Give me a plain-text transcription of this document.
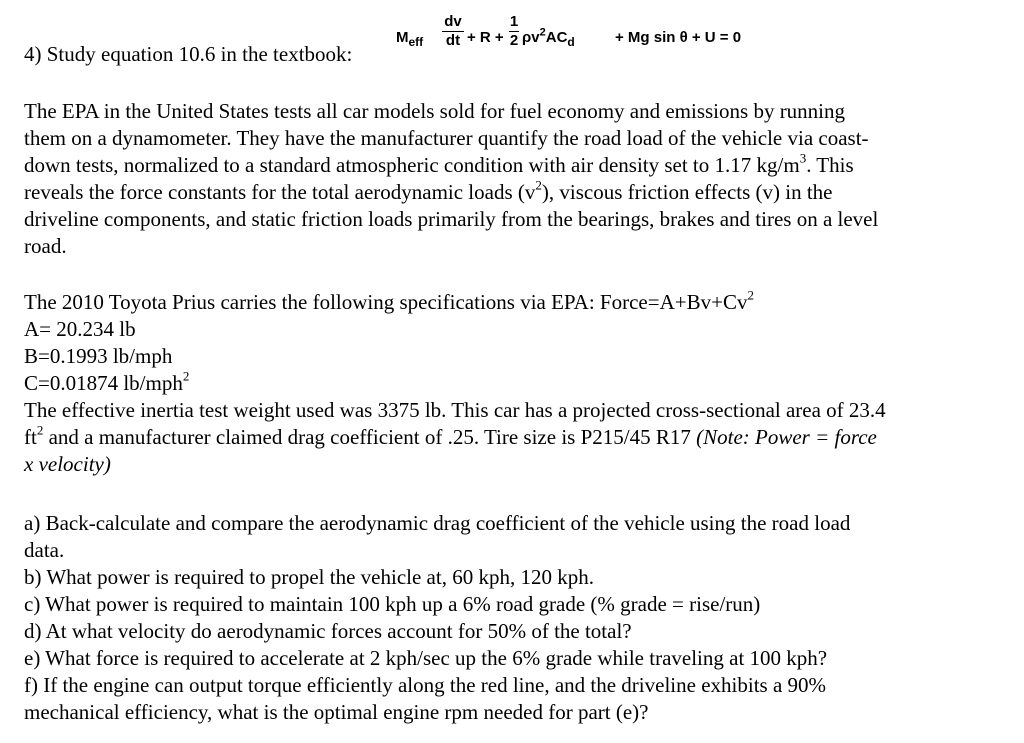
4) Study equation 10.6 in the textbook:

The EPA in the United States tests all car models sold for fuel economy and emissions by running

them on a dynamometer. They have the manufacturer quantify the road load of the vehicle via coast-

down tests, normalized to a standard atmospheric condition with air density set to 1.17 $kg/m^3$. This

reveals the force constants for the total aerodynamic loads $(v^2)$, viscous friction effects (v) in the

driveline components, and static friction loads primarily from the bearings, brakes and tires on a level

road.

The 2010 Toyota Prius carries the following specifications via EPA: $Force=A+Bv+Cv^2$

A= 20.234 lb

B=0.1993 lb/mph

C=0.01874 lb/mph$^2$

The effective inertia test weight used was 3375 lb. This car has a projected cross-sectional area of 23.4

$ft^2$ and a manufacturer claimed drag coefficient of .25. Tire size is P215/45 R17 (Note: Power = force

x velocity)

a) Back-calculate and compare the aerodynamic drag coefficient of the vehicle using the road load

data.

b) What power is required to propel the vehicle at, 60 kph, 120 kph.

c) What power is required to maintain 100 kph up a 6% road grade (% grade = rise/run)

d) At what velocity do aerodynamic forces account for 50% of the total?

e) What force is required to accelerate at 2 kph/sec up the 6% grade while traveling at 100 kph?

f) If the engine can output torque efficiently along the red line, and the driveline exhibits a 90%

mechanical efficiency, what is the optimal engine rpm needed for part (e)?

$M_{eff}$
dv
dt + R +
1
2 $\rho v^2AC_d$	+ Mg sin θ + U = 0
